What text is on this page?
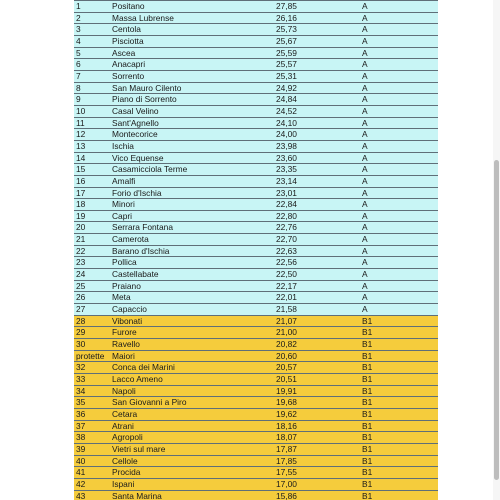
1	Positano	27,85	A
2	Massa Lubrense	26,16	A
3	Centola	25,73	A
4	Pisciotta	25,67	A
5	Ascea	25,59	A
6	Anacapri	25,57	A
7	Sorrento	25,31	A
8	San Mauro Cilento	24,92	A
9	Piano di Sorrento	24,84	A
10	Casal Velino	24,52	A
11	Sant'Agnello	24,10	A
12	Montecorice	24,00	A
13	Ischia	23,98	A
14	Vico Equense	23,60	A
15	Casamicciola Terme	23,35	A
16	Amalfi	23,14	A
17	Forio d'Ischia	23,01	A
18	Minori	22,84	A
19	Capri	22,80	A
20	Serrara Fontana	22,76	A
21	Camerota	22,70	A
22	Barano d'Ischia	22,63	A
23	Pollica	22,56	A
24	Castellabate	22,50	A
25	Praiano	22,17	A
26	Meta	22,01	A
27	Capaccio	21,58	A
28	Vibonati	21,07	B1
29	Furore	21,00	B1
30	Ravello	20,82	B1
protette	Maiori	20,60	B1
32	Conca dei Marini	20,57	B1
33	Lacco Ameno	20,51	B1
34	Napoli	19,91	B1
35	San Giovanni a Piro	19,68	B1
36	Cetara	19,62	B1
37	Atrani	18,16	B1
38	Agropoli	18,07	B1
39	Vietri sul mare	17,87	B1
40	Cellole	17,85	B1
41	Procida	17,55	B1
42	Ispani	17,00	B1
43	Santa Marina	15,86	B1
